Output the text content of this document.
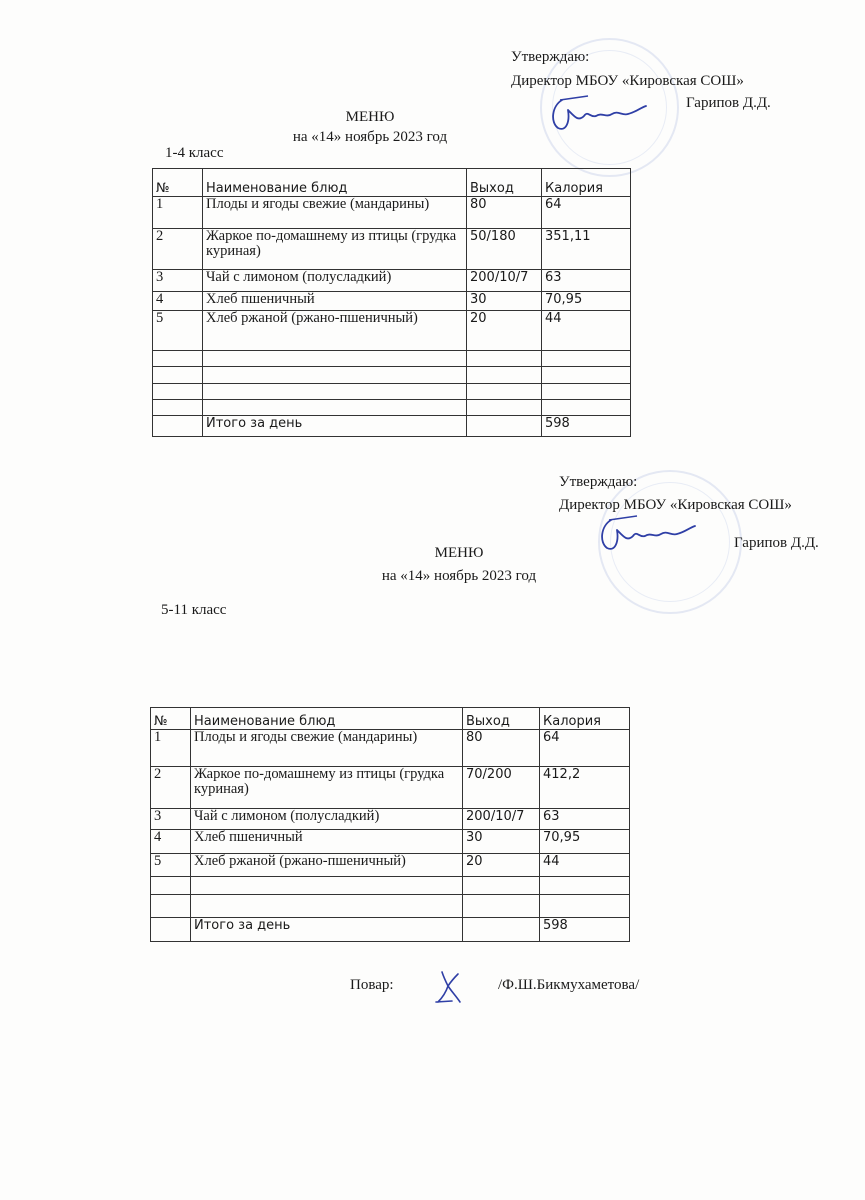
Утверждаю:
Директор МБОУ «Кировская СОШ»
Гарипов Д.Д.
МЕНЮ
на «14» ноябрь 2023 год
1-4 класс
№	Наименование блюд	Выход	Калория
1	Плоды и ягоды свежие (мандарины)	80	64
2	Жаркое по-домашнему из птицы (грудка куриная)	50/180	351,11
3	Чай с лимоном (полусладкий)	200/10/7	63
4	Хлеб пшеничный	30	70,95
5	Хлеб ржаной (ржано-пшеничный)	20	44

	Итого за день		598
Утверждаю:
Директор МБОУ «Кировская СОШ»
Гарипов Д.Д.
МЕНЮ
на «14» ноябрь 2023 год
5-11 класс
№	Наименование блюд	Выход	Калория
1	Плоды и ягоды свежие (мандарины)	80	64
2	Жаркое по-домашнему из птицы (грудка куриная)	70/200	412,2
3	Чай с лимоном (полусладкий)	200/10/7	63
4	Хлеб пшеничный	30	70,95
5	Хлеб ржаной (ржано-пшеничный)	20	44

	Итого за день		598
Повар:	/Ф.Ш.Бикмухаметова/
